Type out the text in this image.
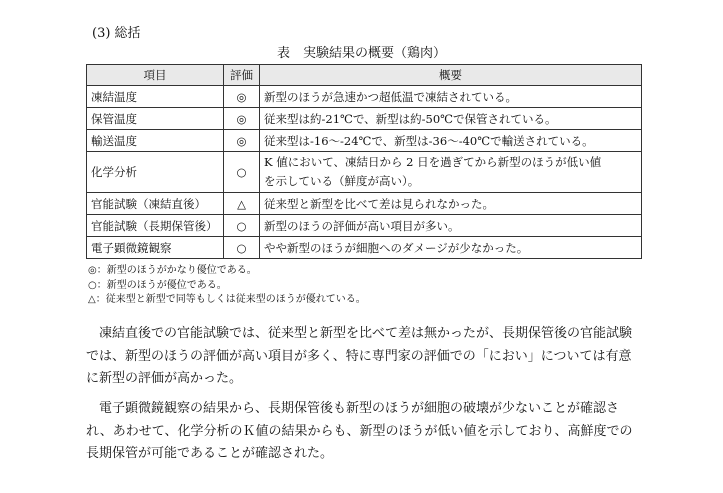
(3) 総括
表　実験結果の概要（鶏肉）
項目	評価	概要
凍結温度	◎	新型のほうが急速かつ超低温で凍結されている。
保管温度	◎	従来型は約-21℃で、新型は約-50℃で保管されている。
輸送温度	◎	従来型は-16～-24℃で、新型は-36～-40℃で輸送されている。
化学分析	○	K 値において、凍結日から 2 日を過ぎてから新型のほうが低い値
を示している（鮮度が高い）。

官能試験（凍結直後）	△	従来型と新型を比べて差は見られなかった。
官能試験（長期保管後）	○	新型のほうの評価が高い項目が多い。
電子顕微鏡観察	○	やや新型のほうが細胞へのダメージが少なかった。
◎：新型のほうがかなり優位である。
○：新型のほうが優位である。
△：従来型と新型で同等もしくは従来型のほうが優れている。

凍結直後での官能試験では、従来型と新型を比べて差は無かったが、長期保管後の官能試験では、新型のほうの評価が高い項目が多く、特に専門家の評価での「におい」については有意に新型の評価が高かった。

電子顕微鏡観察の結果から、長期保管後も新型のほうが細胞の破壊が少ないことが確認され、あわせて、化学分析のＫ値の結果からも、新型のほうが低い値を示しており、高鮮度での長期保管が可能であることが確認された。
